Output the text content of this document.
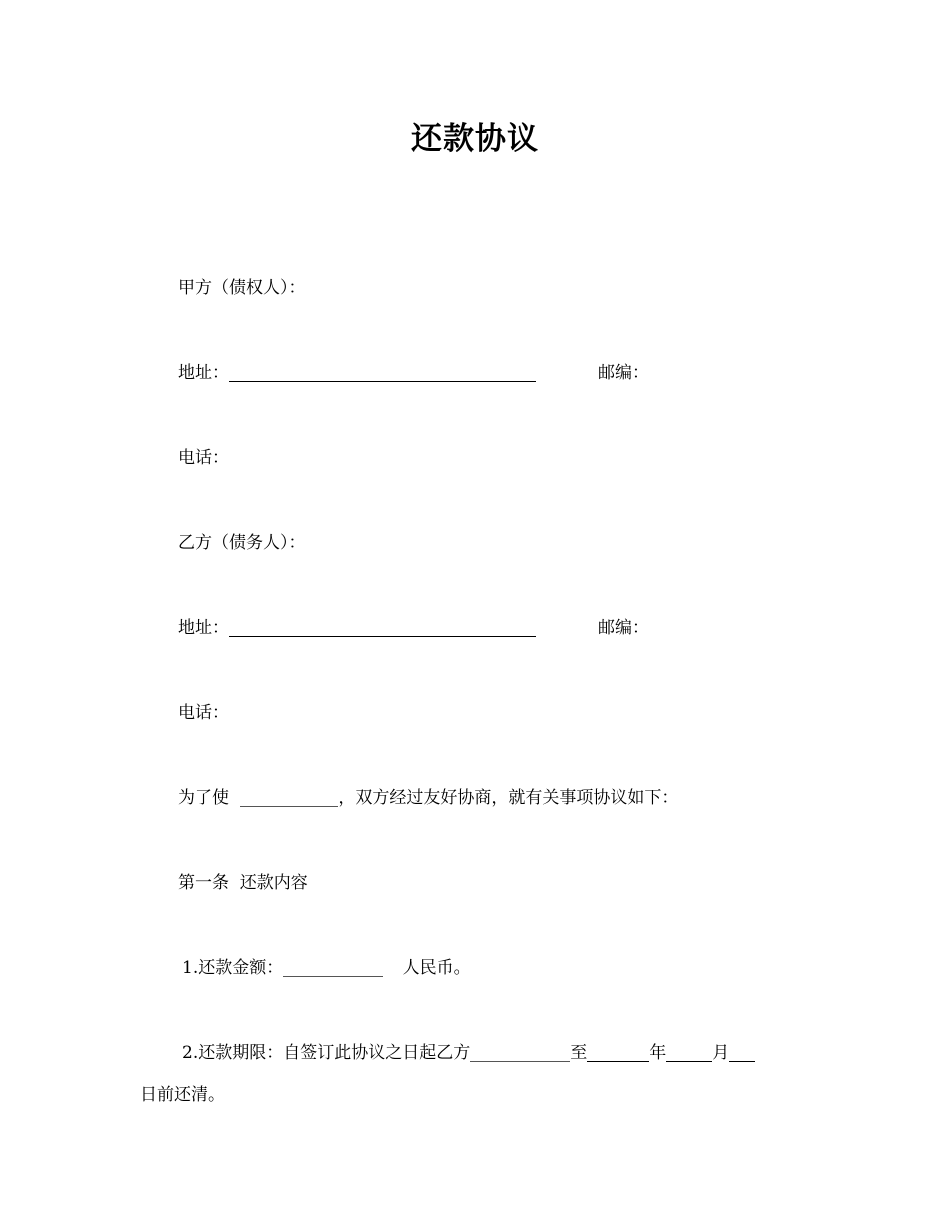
还款协议
甲方（债权人）：
地址：	邮编：
电话：
乙方（债务人）：
地址：	邮编：
电话：
为了使	，双方经过友好协商，就有关事项协议如下：
第一条  还款内容
1.还款金额：	人民币。
2.还款期限：自签订此协议之日起乙方	至	年	月
日前还清。
